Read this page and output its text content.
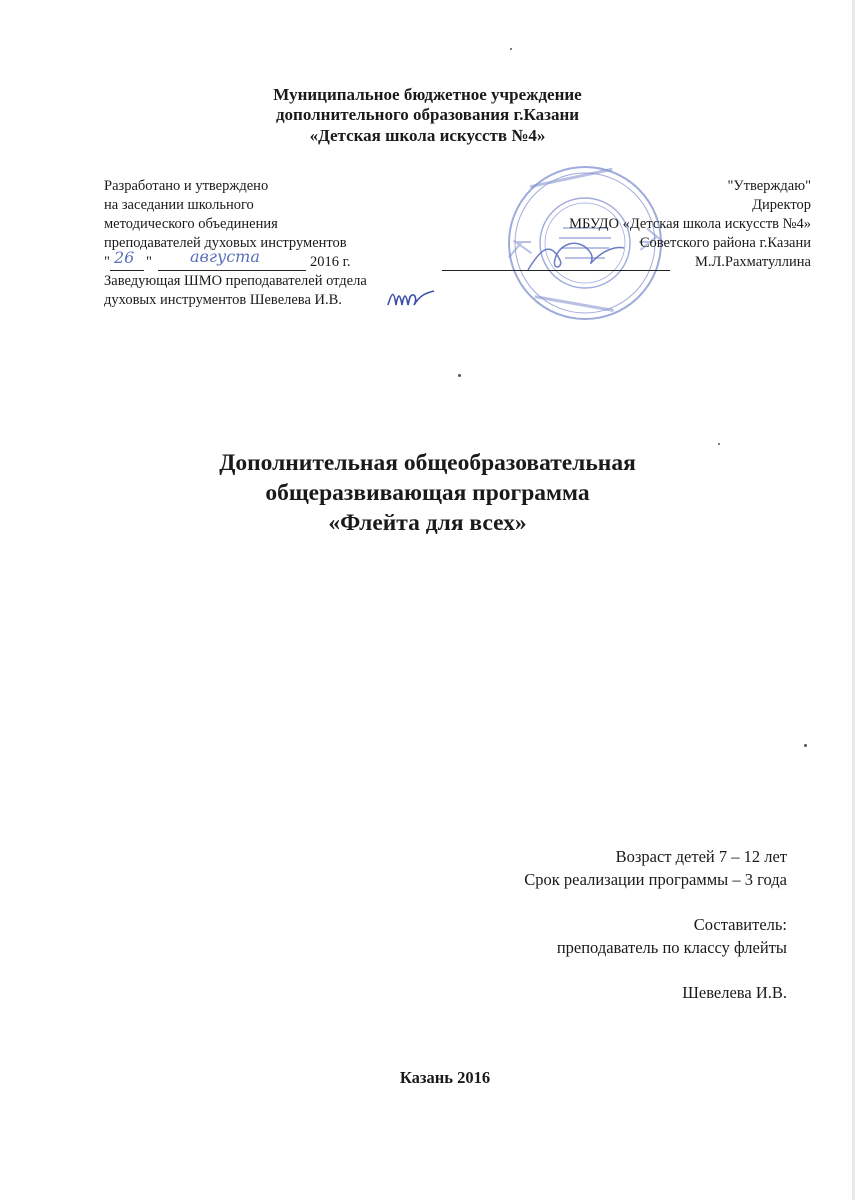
Муниципальное бюджетное учреждение
дополнительного образования г.Казани
«Детская школа искусств №4»
Разработано и утверждено
на заседании школьного
методического объединения
преподавателей духовых инструментов
" 26 " августа	2016 г.
Заведующая ШМО преподавателей отдела
духовых инструментов Шевелева И.В.
"Утверждаю"
Директор
МБУДО «Детская школа искусств №4»
Советского района г.Казани
М.Л.Рахматуллина
Дополнительная общеобразовательная
общеразвивающая программа
«Флейта для всех»
Возраст детей 7 – 12 лет
Срок реализации программы – 3 года
Составитель:
преподаватель по классу флейты
Шевелева И.В.
Казань 2016
